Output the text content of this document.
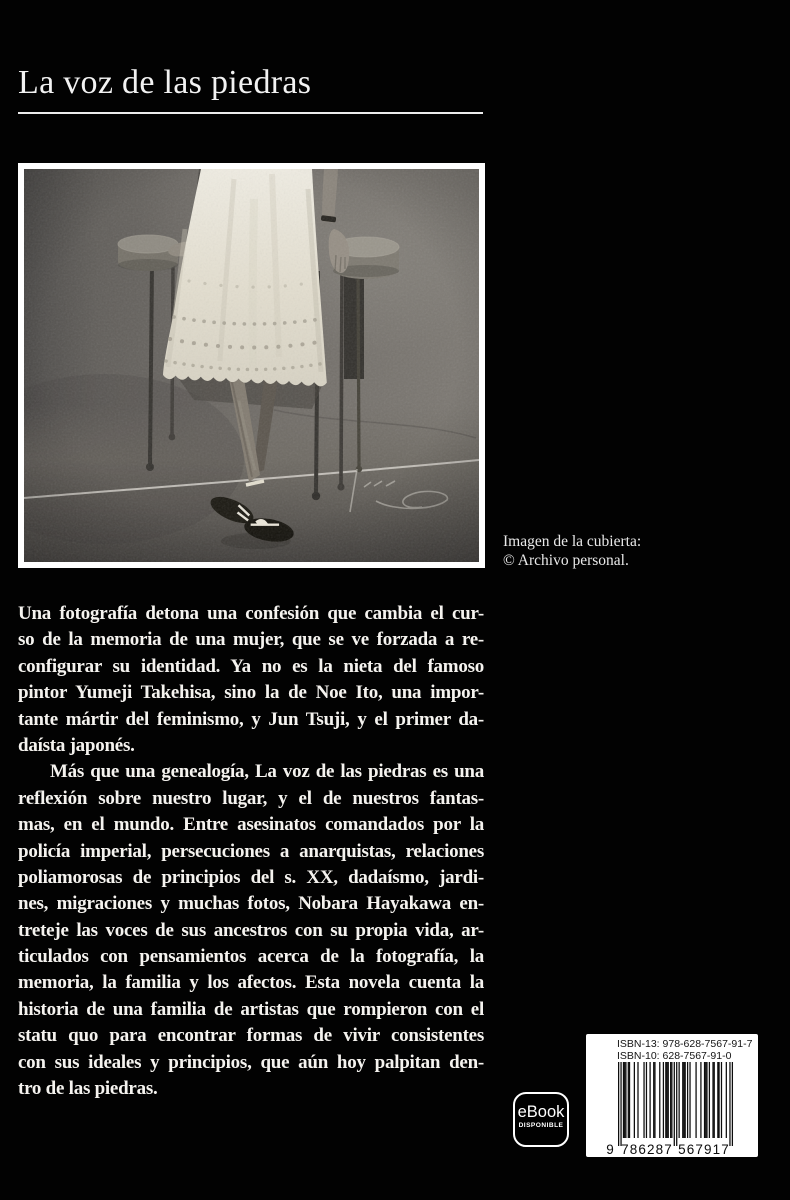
La voz de las piedras
Imagen de la cubierta:
© Archivo personal.
Una fotografía detona una confesión que cambia el cur-
so de la memoria de una mujer, que se ve forzada a re-
configurar su identidad. Ya no es la nieta del famoso
pintor Yumeji Takehisa, sino la de Noe Ito, una impor-
tante mártir del feminismo, y Jun Tsuji, y el primer da-
daísta japonés.
Más que una genealogía, La voz de las piedras es una
reflexión sobre nuestro lugar, y el de nuestros fantas-
mas, en el mundo. Entre asesinatos comandados por la
policía imperial, persecuciones a anarquistas, relaciones
poliamorosas de principios del s. XX, dadaísmo, jardi-
nes, migraciones y muchas fotos, Nobara Hayakawa en-
treteje las voces de sus ancestros con su propia vida, ar-
ticulados con pensamientos acerca de la fotografía, la
memoria, la familia y los afectos. Esta novela cuenta la
historia de una familia de artistas que rompieron con el
statu quo para encontrar formas de vivir consistentes
con sus ideales y principios, que aún hoy palpitan den-
tro de las piedras.
eBook
DISPONIBLE
ISBN-13: 978-628-7567-91-7
ISBN-10: 628-7567-91-0
9 786287 567917
